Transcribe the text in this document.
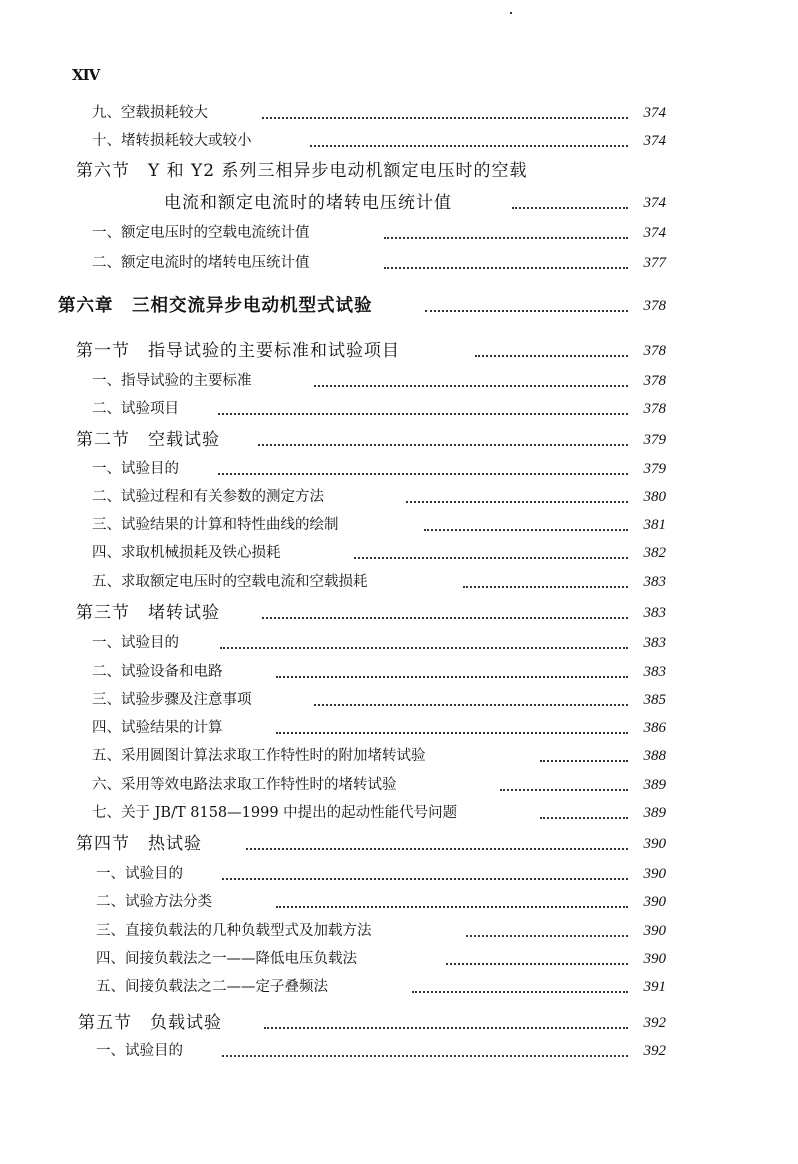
XIV
九、空载损耗较大	374
十、堵转损耗较大或较小	374
第六节　Y 和 Y2 系列三相异步电动机额定电压时的空载
电流和额定电流时的堵转电压统计值	374
一、额定电压时的空载电流统计值	374
二、额定电流时的堵转电压统计值	377
第六章　三相交流异步电动机型式试验	378
第一节　指导试验的主要标准和试验项目	378
一、指导试验的主要标准	378
二、试验项目	378
第二节　空载试验	379
一、试验目的	379
二、试验过程和有关参数的测定方法	380
三、试验结果的计算和特性曲线的绘制	381
四、求取机械损耗及铁心损耗	382
五、求取额定电压时的空载电流和空载损耗	383
第三节　堵转试验	383
一、试验目的	383
二、试验设备和电路	383
三、试验步骤及注意事项	385
四、试验结果的计算	386
五、采用圆图计算法求取工作特性时的附加堵转试验	388
六、采用等效电路法求取工作特性时的堵转试验	389
七、关于 JB/T 8158—1999 中提出的起动性能代号问题	389
第四节　热试验	390
一、试验目的	390
二、试验方法分类	390
三、直接负载法的几种负载型式及加载方法	390
四、间接负载法之一——降低电压负载法	390
五、间接负载法之二——定子叠频法	391
第五节　负载试验	392
一、试验目的	392
